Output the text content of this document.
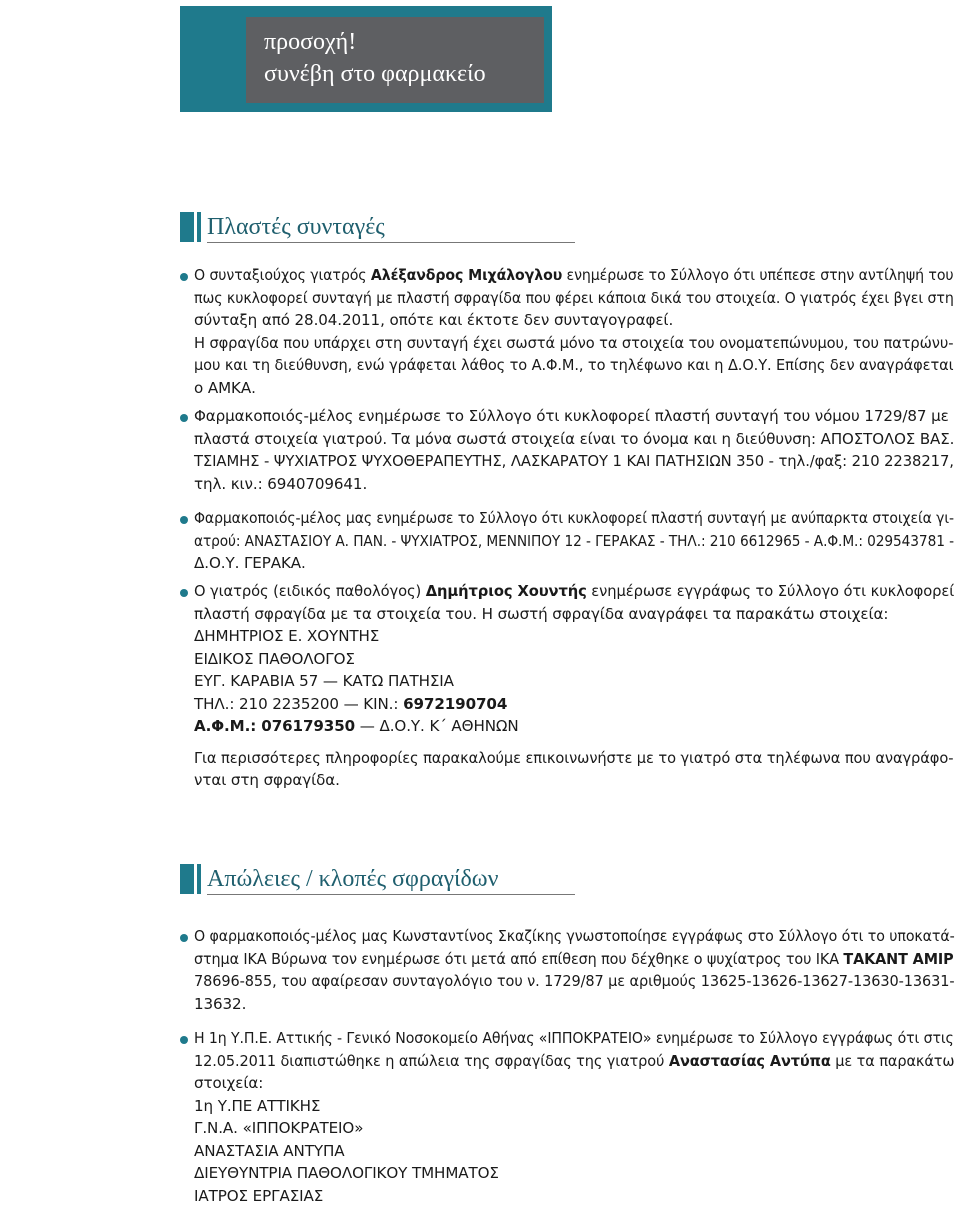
προσοχή!
συνέβη στο φαρμακείο
Πλαστές συνταγές
Ο συνταξιούχος γιατρός Αλέξανδρος Μιχάλογλου ενημέρωσε το Σύλλογο ότι υπέπεσε στην αντίληψή του
πως κυκλοφορεί συνταγή με πλαστή σφραγίδα που φέρει κάποια δικά του στοιχεία. Ο γιατρός έχει βγει στη
σύνταξη από 28.04.2011, οπότε και έκτοτε δεν συνταγογραφεί.
Η σφραγίδα που υπάρχει στη συνταγή έχει σωστά μόνο τα στοιχεία του ονοματεπώνυμου, του πατρώνυ-
μου και τη διεύθυνση, ενώ γράφεται λάθος το Α.Φ.Μ., το τηλέφωνο και η Δ.Ο.Υ. Επίσης δεν αναγράφεται
ο ΑΜΚΑ.
Φαρμακοποιός-μέλος ενημέρωσε το Σύλλογο ότι κυκλοφορεί πλαστή συνταγή του νόμου 1729/87 με
πλαστά στοιχεία γιατρού. Τα μόνα σωστά στοιχεία είναι το όνομα και η διεύθυνση: ΑΠΟΣΤΟΛΟΣ ΒΑΣ.
ΤΣΙΑΜΗΣ - ΨΥΧΙΑΤΡΟΣ ΨΥΧΟΘΕΡΑΠΕΥΤΗΣ, ΛΑΣΚΑΡΑΤΟΥ 1 ΚΑΙ ΠΑΤΗΣΙΩΝ 350 - τηλ./φαξ: 210 2238217,
τηλ. κιν.: 6940709641.
Φαρμακοποιός-μέλος μας ενημέρωσε το Σύλλογο ότι κυκλοφορεί πλαστή συνταγή με ανύπαρκτα στοιχεία γι-
ατρού: ΑΝΑΣΤΑΣΙΟΥ Α. ΠΑΝ. - ΨΥΧΙΑΤΡΟΣ, ΜΕΝΝΙΠΟΥ 12 - ΓΕΡΑΚΑΣ - ΤΗΛ.: 210 6612965 - Α.Φ.Μ.: 029543781 -
Δ.Ο.Υ. ΓΕΡΑΚΑ.
Ο γιατρός (ειδικός παθολόγος) Δημήτριος Χουντής ενημέρωσε εγγράφως το Σύλλογο ότι κυκλοφορεί
πλαστή σφραγίδα με τα στοιχεία του. Η σωστή σφραγίδα αναγράφει τα παρακάτω στοιχεία:
ΔΗΜΗΤΡΙΟΣ Ε. ΧΟΥΝΤΗΣ
ΕΙΔΙΚΟΣ ΠΑΘΟΛΟΓΟΣ
ΕΥΓ. ΚΑΡΑΒΙΑ 57 — ΚΑΤΩ ΠΑΤΗΣΙΑ
ΤΗΛ.: 210 2235200 — ΚΙΝ.: 6972190704
Α.Φ.Μ.: 076179350 — Δ.Ο.Υ. Κ΄ ΑΘΗΝΩΝ
Για περισσότερες πληροφορίες παρακαλούμε επικοινωνήστε με το γιατρό στα τηλέφωνα που αναγράφο-
νται στη σφραγίδα.
Απώλειες / κλοπές σφραγίδων
Ο φαρμακοποιός-μέλος μας Κωνσταντίνος Σκαζίκης γνωστοποίησε εγγράφως στο Σύλλογο ότι το υποκατά-
στημα ΙΚΑ Βύρωνα τον ενημέρωσε ότι μετά από επίθεση που δέχθηκε ο ψυχίατρος του ΙΚΑ ΤΑΚΑΝΤ ΑΜΙΡ
78696-855, του αφαίρεσαν συνταγολόγιο του ν. 1729/87 με αριθμούς 13625-13626-13627-13630-13631-
13632.
Η 1η Υ.Π.Ε. Αττικής - Γενικό Νοσοκομείο Αθήνας «ΙΠΠΟΚΡΑΤΕΙΟ» ενημέρωσε το Σύλλογο εγγράφως ότι στις
12.05.2011 διαπιστώθηκε η απώλεια της σφραγίδας της γιατρού Αναστασίας Αντύπα με τα παρακάτω
στοιχεία:
1η Υ.ΠΕ ΑΤΤΙΚΗΣ
Γ.Ν.Α. «ΙΠΠΟΚΡΑΤΕΙΟ»
ΑΝΑΣΤΑΣΙΑ ΑΝΤΥΠΑ
ΔΙΕΥΘΥΝΤΡΙΑ ΠΑΘΟΛΟΓΙΚΟΥ ΤΜΗΜΑΤΟΣ
ΙΑΤΡΟΣ ΕΡΓΑΣΙΑΣ
